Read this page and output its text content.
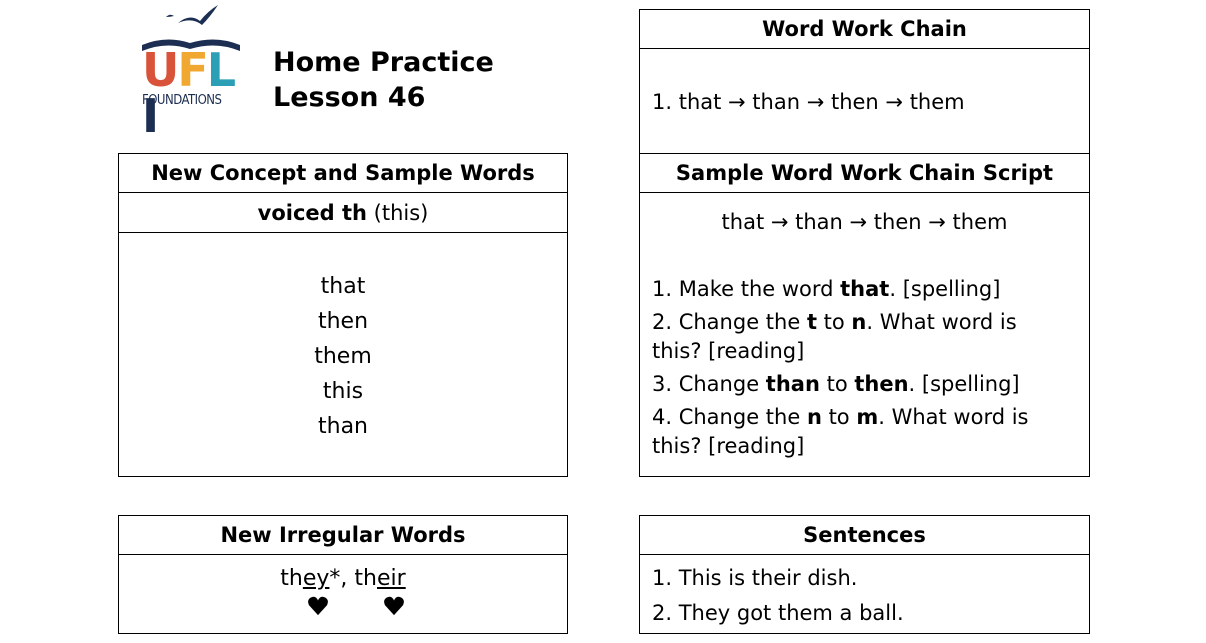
UFLI
FOUNDATIONS
Home Practice
Lesson 46
New Concept and Sample Words
voiced th
(this)
that
then
them
this
than
New Irregular Words
they*, their
Word Work Chain
1. that → than → then → them
Sample Word Work Chain Script
that → than → then → them
1. Make the word that. [spelling]
2. Change the t to n. What word is
this? [reading]
3. Change than to then. [spelling]
4. Change the n to m. What word is
this? [reading]
Sentences
1. This is their dish.
2. They got them a ball.
